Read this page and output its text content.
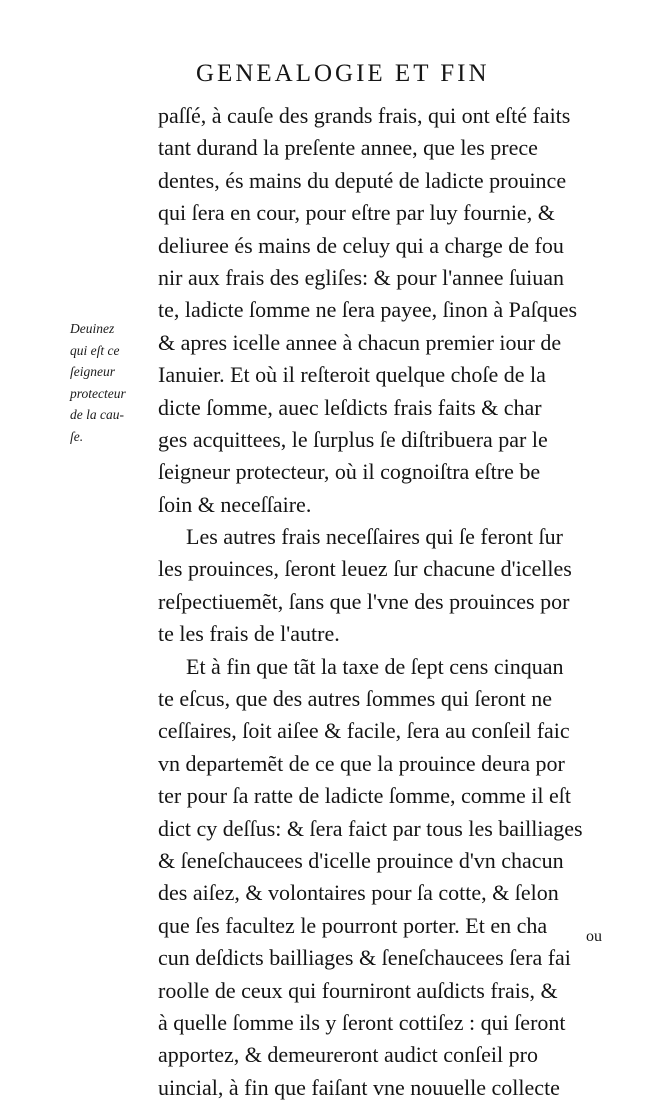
GENEALOGIE ET FIN
Deuinez
qui eſt ce
ſeigneur
protecteur
de la cau-
ſe.
paſſé, à cauſe des grands frais, qui ont eſté faits
tant durand la preſente annee, que les prece
dentes, és mains du deputé de ladicte prouince
qui ſera en cour, pour eſtre par luy fournie, &
deliuree és mains de celuy qui a charge de fou
nir aux frais des egliſes: & pour l'annee ſuiuan
te, ladicte ſomme ne ſera payee, ſinon à Paſques
& apres icelle annee à chacun premier iour de
Ianuier. Et où il reſteroit quelque choſe de la
dicte ſomme, auec leſdicts frais faits & char
ges acquittees, le ſurplus ſe diſtribuera par le
ſeigneur protecteur, où il cognoiſtra eſtre be
ſoin & neceſſaire.
Les autres frais neceſſaires qui ſe feront ſur
les prouinces, ſeront leuez ſur chacune d'icelles
reſpectiuemẽt, ſans que l'vne des prouinces por
te les frais de l'autre.
Et à fin que tãt la taxe de ſept cens cinquan
te eſcus, que des autres ſommes qui ſeront ne
ceſſaires, ſoit aiſee & facile, ſera au conſeil faic
vn departemẽt de ce que la prouince deura por
ter pour ſa ratte de ladicte ſomme, comme il eſt
dict cy deſſus: & ſera faict par tous les bailliages
& ſeneſchaucees d'icelle prouince d'vn chacun
des aiſez, & volontaires pour ſa cotte, & ſelon
que ſes facultez le pourront porter. Et en cha
cun deſdicts bailliages & ſeneſchaucees ſera fai
roolle de ceux qui fourniront auſdicts frais, &
à quelle ſomme ils y ſeront cottiſez : qui ſeront
apportez, & demeureront audict conſeil pro
uincial, à fin que faiſant vne nouuelle collecte
ou
